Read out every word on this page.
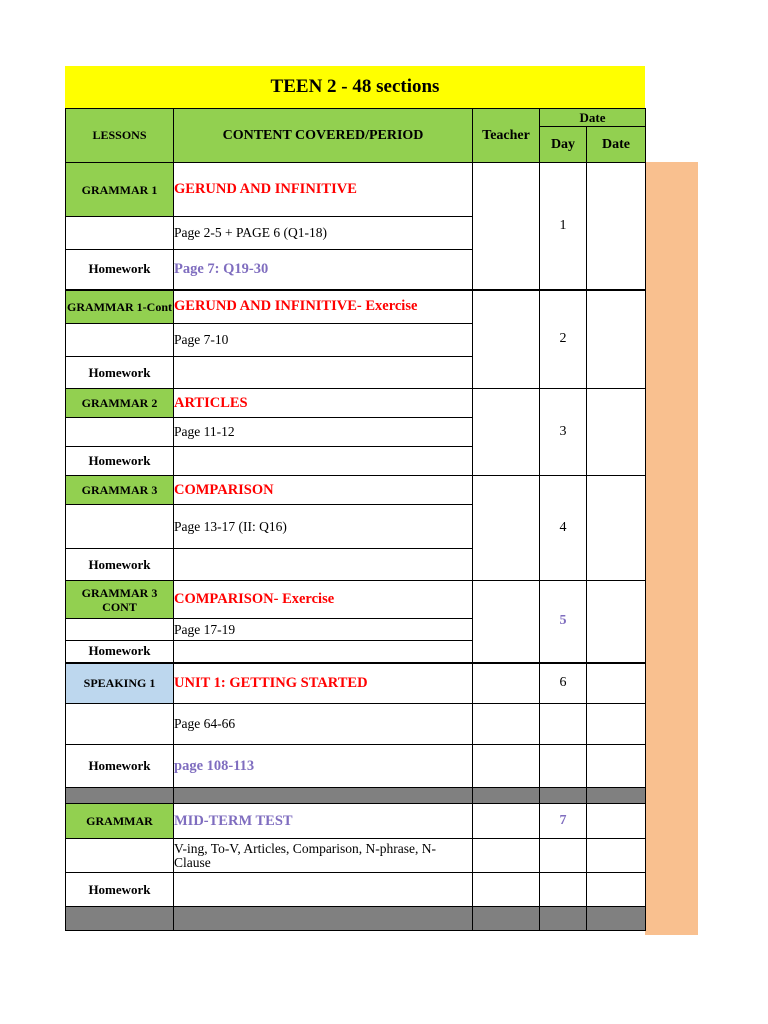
TEEN 2 - 48 sections
LESSONS	CONTENT COVERED/PERIOD	Teacher	Date	
			Day	Date
GRAMMAR 1	GERUND AND INFINITIVE		1	
	Page 2-5 + PAGE 6 (Q1-18)			
Homework	Page 7: Q19-30			
GRAMMAR 1-Cont	GERUND AND INFINITIVE- Exercise		2	
	Page 7-10			
Homework				
GRAMMAR 2	ARTICLES		3	
	Page 11-12			
Homework				
GRAMMAR 3	COMPARISON		4	
	Page 13-17 (II: Q16)			
Homework				
GRAMMAR 3 CONT	COMPARISON- Exercise		5	
	Page 17-19			
Homework				
SPEAKING 1	UNIT 1: GETTING STARTED		6	
	Page 64-66			
Homework	page 108-113			

GRAMMAR	MID-TERM TEST		7	
	V-ing, To-V, Articles, Comparison, N-phrase, N-Clause			
Homework				
